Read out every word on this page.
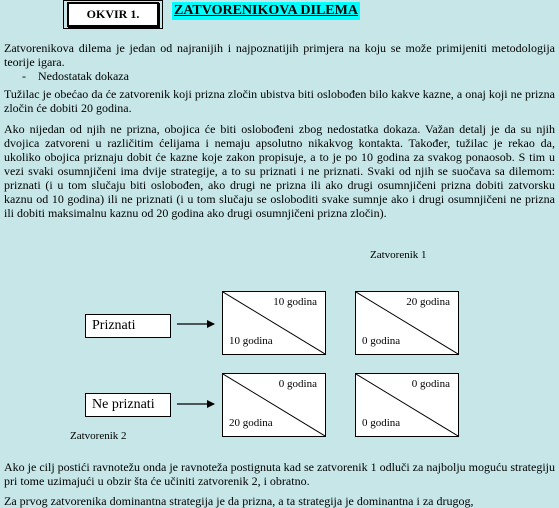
OKVIR 1.	ZATVORENIKOVA DILEMA
Zatvorenikova dilema je jedan od najranijih i najpoznatijih primjera na koju se može primijeniti metodologija teorije igara.
- Nedostatak dokaza
Tužilac je obećao da će zatvorenik koji prizna zločin ubistva biti oslobođen bilo kakve kazne, a onaj koji ne prizna zločin će dobiti 20 godina.
Ako nijedan od njih ne prizna, obojica će biti oslobođeni zbog nedostatka dokaza. Važan detalj je da su njih dvojica zatvoreni u različitim ćelijama i nemaju apsolutno nikakvog kontakta. Također, tužilac je rekao da, ukoliko obojica priznaju dobit će kazne koje zakon propisuje, a to je po 10 godina za svakog ponaosob. S tim u vezi svaki osumnjičeni ima dvije strategije, a to su priznati i ne priznati. Svaki od njih se suočava sa dilemom: priznati (i u tom slučaju biti oslobođen, ako drugi ne prizna ili ako drugi osumnjičeni prizna dobiti zatvorsku kaznu od 10 godina) ili ne priznati (i u tom slučaju se osloboditi svake sumnje ako i drugi osumnjičeni ne prizna ili dobiti maksimalnu kaznu od 20 godina ako drugi osumnjičeni prizna zločin).
Zatvorenik 1
Priznati
Ne priznati
10 godina
10 godina
20 godina
0 godina
0 godina
20 godina
0 godina
0 godina
Zatvorenik 2
Ako je cilj postići ravnotežu onda je ravnoteža postignuta kad se zatvorenik 1 odluči za najbolju moguću strategiju pri tome uzimajući u obzir šta će učiniti zatvorenik 2, i obratno.
Za prvog zatvorenika dominantna strategija je da prizna, a ta strategija je dominantna i za drugog,
